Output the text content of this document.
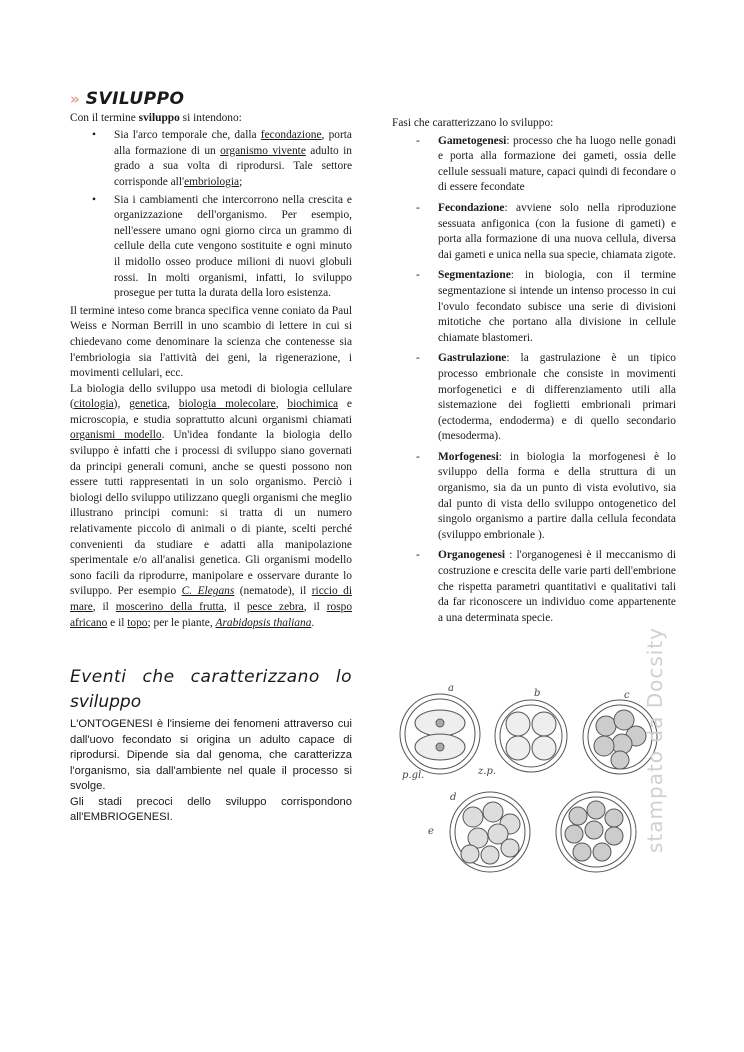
» SVILUPPO

Con il termine sviluppo si intendono:

• Sia l'arco temporale che, dalla fecondazione, porta alla formazione di un organismo vivente adulto in grado a sua volta di riprodursi. Tale settore corrisponde all'embriologia;
• Sia i cambiamenti che intercorrono nella crescita e organizzazione dell'organismo. Per esempio, nell'essere umano ogni giorno circa un grammo di cellule della cute vengono sostituite e ogni minuto il midollo osseo produce milioni di nuovi globuli rossi. In molti organismi, infatti, lo sviluppo prosegue per tutta la durata della loro esistenza.

Il termine inteso come branca specifica venne coniato da Paul Weiss e Norman Berrill in uno scambio di lettere in cui si chiedevano come denominare la scienza che contenesse sia l'embriologia sia l'attività dei geni, la rigenerazione, i movimenti cellulari, ecc.

La biologia dello sviluppo usa metodi di biologia cellulare (citologia), genetica, biologia molecolare, biochimica e microscopia, e studia soprattutto alcuni organismi chiamati organismi modello. Un'idea fondante la biologia dello sviluppo è infatti che i processi di sviluppo siano governati da principi generali comuni, anche se questi possono non essere tutti rappresentati in un solo organismo. Perciò i biologi dello sviluppo utilizzano quegli organismi che meglio illustrano principi comuni: si tratta di un numero relativamente piccolo di animali o di piante, scelti perché convenienti da studiare e adatti alla manipolazione sperimentale e/o all'analisi genetica. Gli organismi modello sono facili da riprodurre, manipolare e osservare durante lo sviluppo. Per esempio C. Elegans (nematode), il riccio di mare, il moscerino della frutta, il pesce zebra, il rospo africano e il topo; per le piante, Arabidopsis thaliana.

Eventi che caratterizzano lo
sviluppo

L'ONTOGENESI è l'insieme dei fenomeni attraverso cui dall'uovo fecondato si origina un adulto capace di riprodursi. Dipende sia dal genoma, che caratterizza l'organismo, sia dall'ambiente nel quale il processo si svolge.

Gli stadi precoci dello sviluppo corrispondono all'EMBRIOGENESI.

Fasi che caratterizzano lo sviluppo:

- Gametogenesi: processo che ha luogo nelle gonadi e porta alla formazione dei gameti, ossia delle cellule sessuali mature, capaci quindi di fecondare o di essere fecondate
- Fecondazione: avviene solo nella riproduzione sessuata anfigonica (con la fusione di gameti) e porta alla formazione di una nuova cellula, diversa dai gameti e unica nella sua specie, chiamata zigote.
- Segmentazione: in biologia, con il termine segmentazione si intende un intenso processo in cui l'ovulo fecondato subisce una serie di divisioni mitotiche che portano alla divisione in cellule chiamate blastomeri.
- Gastrulazione: la gastrulazione è un tipico processo embrionale che consiste in movimenti morfogenetici e di differenziamento utili alla sistemazione dei foglietti embrionali primari (ectoderma, endoderma) e di quello secondario (mesoderma).
- Morfogenesi: in biologia la morfogenesi è lo sviluppo della forma e della struttura di un organismo, sia da un punto di vista evolutivo, sia dal punto di vista dello sviluppo ontogenetico del singolo organismo a partire dalla cellula fecondata (sviluppo embrionale ).
- Organogenesi : l'organogenesi è il meccanismo di costruzione e crescita delle varie parti dell'embrione che rispetta parametri quantitativi e qualitativi tali da far riconoscere un individuo come appartenente a una determinata specie.
a	b	c
d
e
p.gl.	z.p.	stampato da Docsity
